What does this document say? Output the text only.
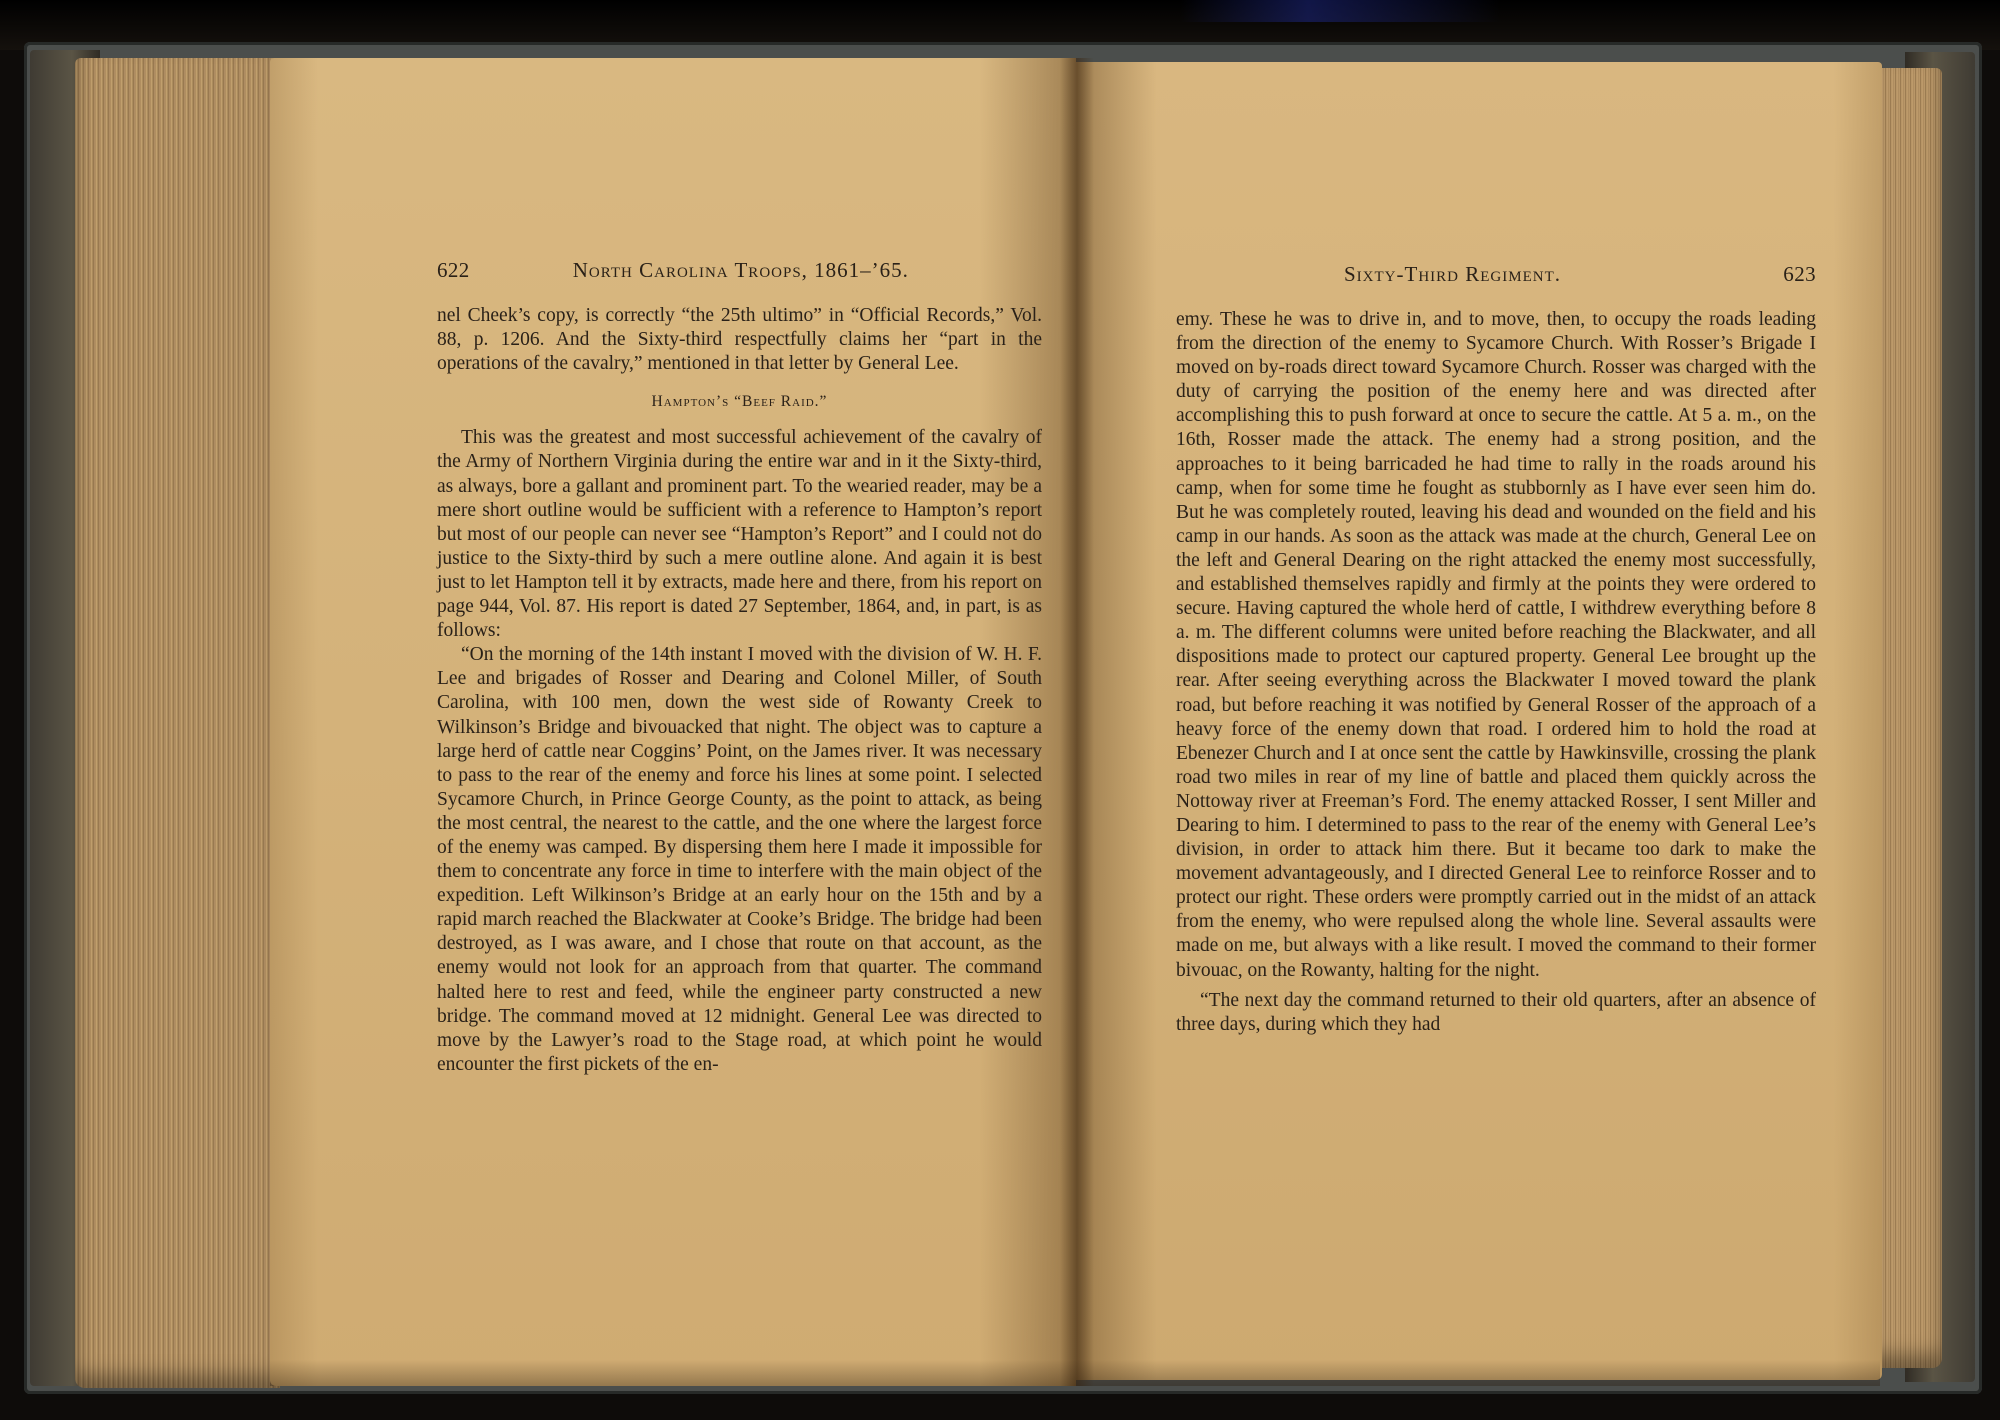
622	North Carolina Troops, 1861–’65.

nel Cheek’s copy, is correctly “the 25th ultimo” in “Official Records,” Vol. 88, p. 1206. And the Sixty-third respectfully claims her “part in the operations of the cavalry,” mentioned in that letter by General Lee.

Hampton’s “Beef Raid.”

This was the greatest and most successful achievement of the cavalry of the Army of Northern Virginia during the entire war and in it the Sixty-third, as always, bore a gallant and prominent part. To the wearied reader, may be a mere short outline would be sufficient with a reference to Hampton’s report but most of our people can never see “Hampton’s Report” and I could not do justice to the Sixty-third by such a mere outline alone. And again it is best just to let Hampton tell it by extracts, made here and there, from his report on page 944, Vol. 87. His report is dated 27 September, 1864, and, in part, is as follows:

“On the morning of the 14th instant I moved with the division of W. H. F. Lee and brigades of Rosser and Dearing and Colonel Miller, of South Carolina, with 100 men, down the west side of Rowanty Creek to Wilkinson’s Bridge and bivouacked that night. The object was to capture a large herd of cattle near Coggins’ Point, on the James river. It was necessary to pass to the rear of the enemy and force his lines at some point. I selected Sycamore Church, in Prince George County, as the point to attack, as being the most central, the nearest to the cattle, and the one where the largest force of the enemy was camped. By dispersing them here I made it impossible for them to concentrate any force in time to interfere with the main object of the expedition. Left Wilkinson’s Bridge at an early hour on the 15th and by a rapid march reached the Blackwater at Cooke’s Bridge. The bridge had been destroyed, as I was aware, and I chose that route on that account, as the enemy would not look for an approach from that quarter. The command halted here to rest and feed, while the engineer party constructed a new bridge. The command moved at 12 midnight. General Lee was directed to move by the Lawyer’s road to the Stage road, at which point he would encounter the first pickets of the en-

Sixty-Third Regiment.	623

emy. These he was to drive in, and to move, then, to occupy the roads leading from the direction of the enemy to Sycamore Church. With Rosser’s Brigade I moved on by-roads direct toward Sycamore Church. Rosser was charged with the duty of carrying the position of the enemy here and was directed after accomplishing this to push forward at once to secure the cattle. At 5 a. m., on the 16th, Rosser made the attack. The enemy had a strong position, and the approaches to it being barricaded he had time to rally in the roads around his camp, when for some time he fought as stubbornly as I have ever seen him do. But he was completely routed, leaving his dead and wounded on the field and his camp in our hands. As soon as the attack was made at the church, General Lee on the left and General Dearing on the right attacked the enemy most successfully, and established themselves rapidly and firmly at the points they were ordered to secure. Having captured the whole herd of cattle, I withdrew everything before 8 a. m. The different columns were united before reaching the Blackwater, and all dispositions made to protect our captured property. General Lee brought up the rear. After seeing everything across the Blackwater I moved toward the plank road, but before reaching it was notified by General Rosser of the approach of a heavy force of the enemy down that road. I ordered him to hold the road at Ebenezer Church and I at once sent the cattle by Hawkinsville, crossing the plank road two miles in rear of my line of battle and placed them quickly across the Nottoway river at Freeman’s Ford. The enemy attacked Rosser, I sent Miller and Dearing to him. I determined to pass to the rear of the enemy with General Lee’s division, in order to attack him there. But it became too dark to make the movement advantageously, and I directed General Lee to reinforce Rosser and to protect our right. These orders were promptly carried out in the midst of an attack from the enemy, who were repulsed along the whole line. Several assaults were made on me, but always with a like result. I moved the command to their former bivouac, on the Rowanty, halting for the night.

“The next day the command returned to their old quarters, after an absence of three days, during which they had
